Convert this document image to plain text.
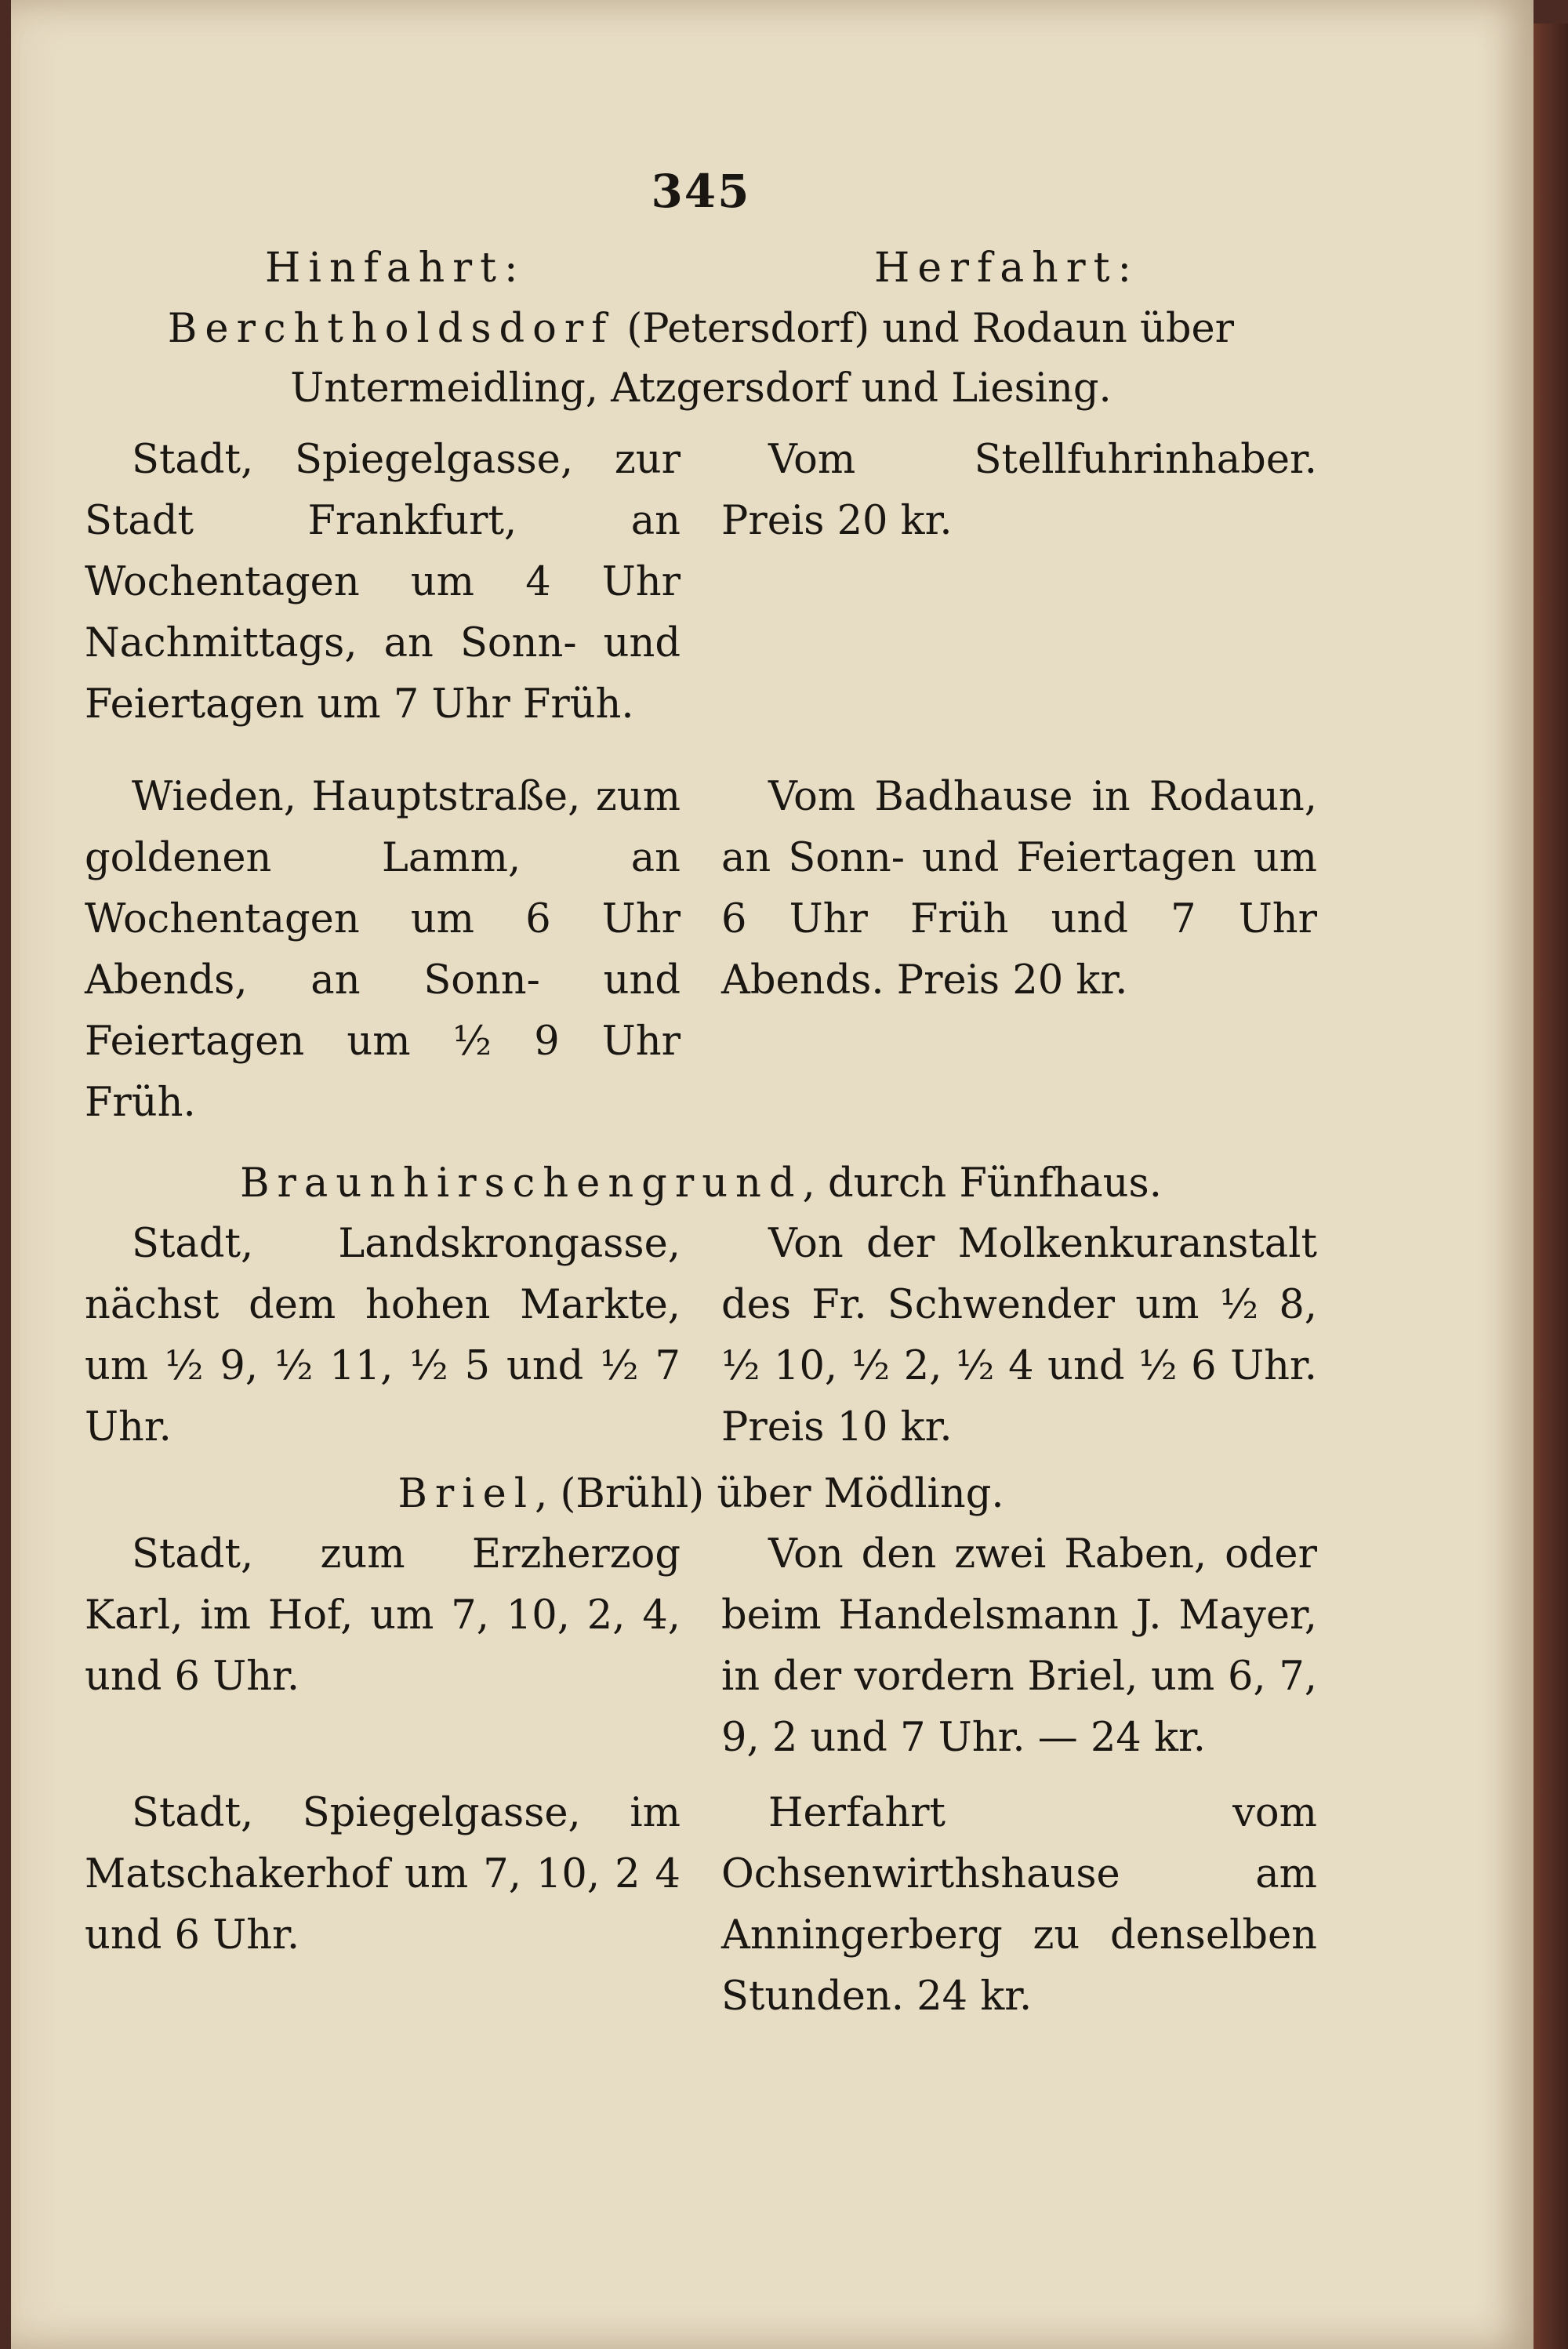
345
Hinfahrt:	Herfahrt:
Berchtholdsdorf (Petersdorf) und Rodaun über Untermeidling, Atzgersdorf und Liesing.

Stadt, Spiegelgasse, zur Stadt Frankfurt, an Wochentagen um 4 Uhr Nachmittags, an Sonn- und Feiertagen um 7 Uhr Früh.

Vom Stellfuhrinhaber. Preis 20 kr.

Wieden, Hauptstraße, zum goldenen Lamm, an Wochentagen um 6 Uhr Abends, an Sonn- und Feiertagen um ½ 9 Uhr Früh.

Vom Badhause in Rodaun, an Sonn- und Feiertagen um 6 Uhr Früh und 7 Uhr Abends. Preis 20 kr.

Braunhirschengrund, durch Fünfhaus.

Stadt, Landskrongasse, nächst dem hohen Markte, um ½ 9, ½ 11, ½ 5 und ½ 7 Uhr.

Von der Molkenkuranstalt des Fr. Schwender um ½ 8, ½ 10, ½ 2, ½ 4 und ½ 6 Uhr. Preis 10 kr.

Briel, (Brühl) über Mödling.

Stadt, zum Erzherzog Karl, im Hof, um 7, 10, 2, 4, und 6 Uhr.

Von den zwei Raben, oder beim Handelsmann J. Mayer, in der vordern Briel, um 6, 7, 9, 2 und 7 Uhr. — 24 kr.

Stadt, Spiegelgasse, im Matschakerhof um 7, 10, 2 4 und 6 Uhr.

Herfahrt vom Ochsenwirthshause am Anningerberg zu denselben Stunden. 24 kr.
